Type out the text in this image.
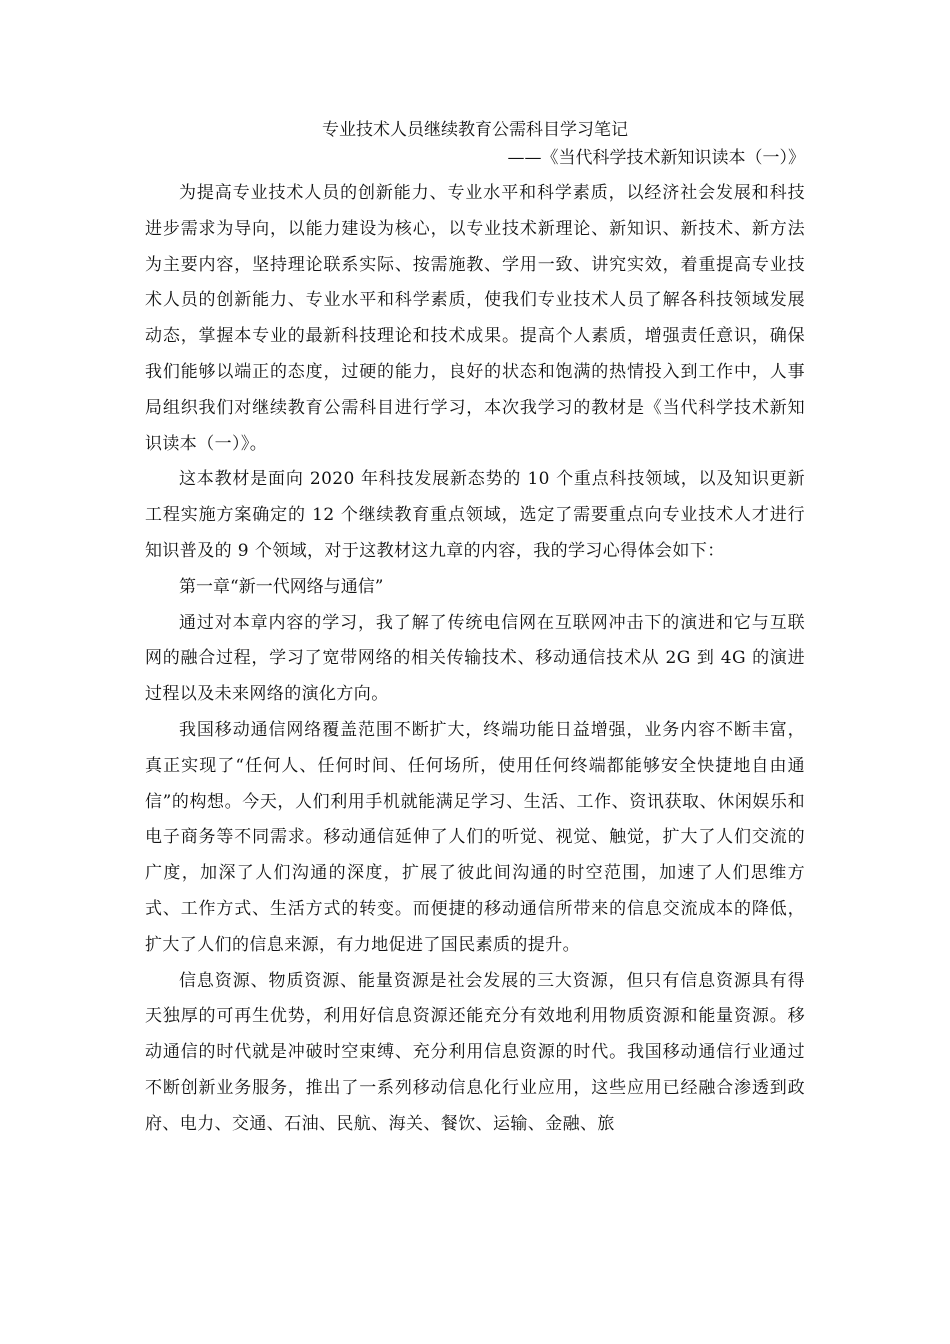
专业技术人员继续教育公需科目学习笔记
——《当代科学技术新知识读本（一）》

为提高专业技术人员的创新能力、专业水平和科学素质，以经济社会发展和科技进步需求为导向，以能力建设为核心，以专业技术新理论、新知识、新技术、新方法为主要内容，坚持理论联系实际、按需施教、学用一致、讲究实效，着重提高专业技术人员的创新能力、专业水平和科学素质，使我们专业技术人员了解各科技领域发展动态，掌握本专业的最新科技理论和技术成果。提高个人素质，增强责任意识，确保我们能够以端正的态度，过硬的能力，良好的状态和饱满的热情投入到工作中，人事局组织我们对继续教育公需科目进行学习，本次我学习的教材是《当代科学技术新知识读本（一）》。

这本教材是面向 2020 年科技发展新态势的 10 个重点科技领域，以及知识更新工程实施方案确定的 12 个继续教育重点领域，选定了需要重点向专业技术人才进行知识普及的 9 个领域，对于这教材这九章的内容，我的学习心得体会如下：

第一章“新一代网络与通信”

通过对本章内容的学习，我了解了传统电信网在互联网冲击下的演进和它与互联网的融合过程，学习了宽带网络的相关传输技术、移动通信技术从 2G 到 4G 的演进过程以及未来网络的演化方向。

我国移动通信网络覆盖范围不断扩大，终端功能日益增强，业务内容不断丰富，真正实现了“任何人、任何时间、任何场所，使用任何终端都能够安全快捷地自由通信”的构想。今天，人们利用手机就能满足学习、生活、工作、资讯获取、休闲娱乐和电子商务等不同需求。移动通信延伸了人们的听觉、视觉、触觉，扩大了人们交流的广度，加深了人们沟通的深度，扩展了彼此间沟通的时空范围，加速了人们思维方式、工作方式、生活方式的转变。而便捷的移动通信所带来的信息交流成本的降低，扩大了人们的信息来源，有力地促进了国民素质的提升。

信息资源、物质资源、能量资源是社会发展的三大资源，但只有信息资源具有得天独厚的可再生优势，利用好信息资源还能充分有效地利用物质资源和能量资源。移动通信的时代就是冲破时空束缚、充分利用信息资源的时代。我国移动通信行业通过不断创新业务服务，推出了一系列移动信息化行业应用，这些应用已经融合渗透到政府、电力、交通、石油、民航、海关、餐饮、运输、金融、旅
